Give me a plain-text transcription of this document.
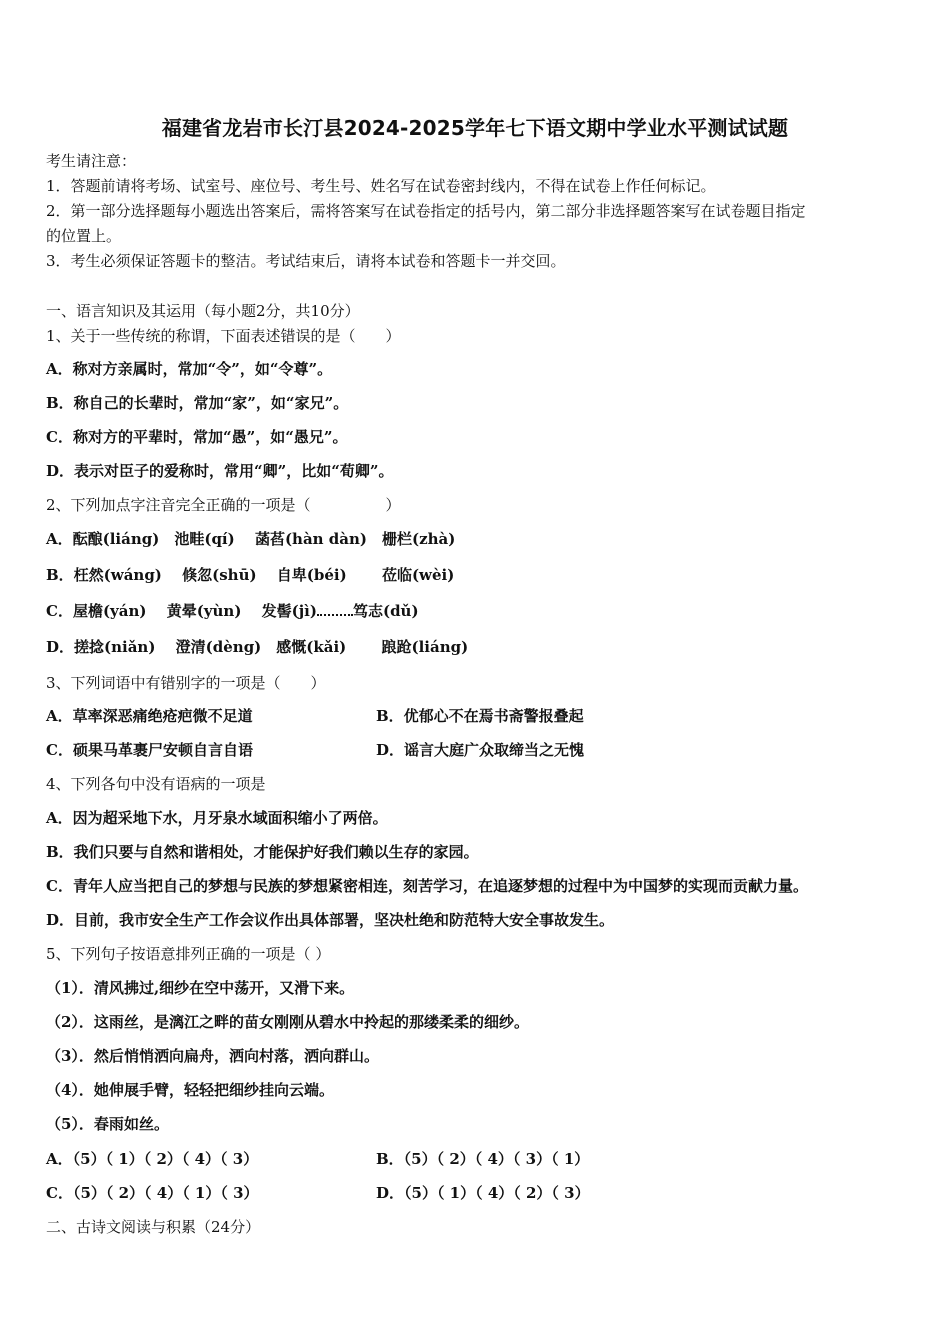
福建省龙岩市长汀县2024-2025学年七下语文期中学业水平测试试题
考生请注意：
1．答题前请将考场、试室号、座位号、考生号、姓名写在试卷密封线内，不得在试卷上作任何标记。
2．第一部分选择题每小题选出答案后，需将答案写在试卷指定的括号内，第二部分非选择题答案写在试卷题目指定
的位置上。
3．考生必须保证答题卡的整洁。考试结束后，请将本试卷和答题卡一并交回。
一、语言知识及其运用（每小题2分，共10分）
1、关于一些传统的称谓，下面表述错误的是（　　）
A．称对方亲属时，常加“令”，如“令尊”。
B．称自己的长辈时，常加“家”，如“家兄”。
C．称对方的平辈时，常加“愚”，如“愚兄”。
D．表示对臣子的爱称时，常用“卿”，比如“荀卿”。
2、下列加点字注音完全正确的一项是（　　　　　）
A．酝酿(liáng)　池畦(qí)　 菡萏(hàn dàn)　栅栏(zhà)
B．枉然(wáng)　 倏忽(shū)　 自卑(béi)　　 莅临(wèi)
C．屋檐(yán)　 黄晕(yùn)　 发髻(jì) 笃志(dǔ)
D．搓捻(niǎn)　 澄清(dèng)　感慨(kǎi)　　 踉跄(liáng)
3、下列词语中有错别字的一项是（　　）
A．草率深恶痛绝疮疤微不足道	B．优郁心不在焉书斋警报叠起
C．硕果马革裹尸安顿自言自语	D．谣言大庭广众取缔当之无愧
4、下列各句中没有语病的一项是
A．因为超采地下水，月牙泉水域面积缩小了两倍。
B．我们只要与自然和谐相处，才能保护好我们赖以生存的家园。
C．青年人应当把自己的梦想与民族的梦想紧密相连，刻苦学习，在追逐梦想的过程中为中国梦的实现而贡献力量。
D．目前，我市安全生产工作会议作出具体部署，坚决杜绝和防范特大安全事故发生。
5、下列句子按语意排列正确的一项是（ ）
（1）．清风拂过,细纱在空中荡开，又滑下来。
（2）．这雨丝，是漓江之畔的苗女刚刚从碧水中拎起的那缕柔柔的细纱。
（3）．然后悄悄洒向扁舟，洒向村落，洒向群山。
（4）．她伸展手臂，轻轻把细纱挂向云端。
（5）．春雨如丝。
A．（5）（ 1）（ 2）（ 4）（ 3）	B．（5）（ 2）（ 4）（ 3）（ 1）
C．（5）（ 2）（ 4）（ 1）（ 3）	D．（5）（ 1）（ 4）（ 2）（ 3）
二、古诗文阅读与积累（24分）
